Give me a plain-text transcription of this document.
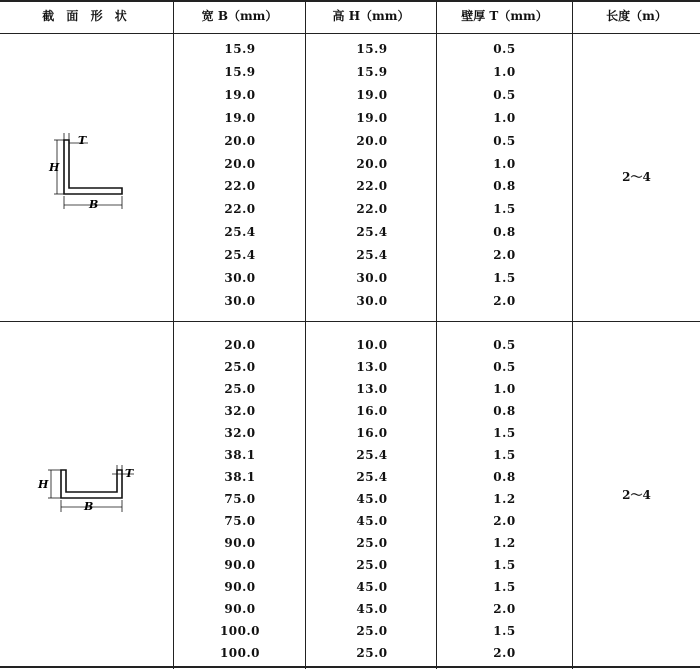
截 面 形 状	宽 B（mm）	高 H（mm）	壁厚 T（mm）	长度（m）
T
H
B
T
H
B
2～4
2～4
15.9	15.9	0.5
15.9	15.9	1.0
19.0	19.0	0.5
19.0	19.0	1.0
20.0	20.0	0.5
20.0	20.0	1.0
22.0	22.0	0.8
22.0	22.0	1.5
25.4	25.4	0.8
25.4	25.4	2.0
30.0	30.0	1.5
30.0	30.0	2.0
20.0	10.0	0.5
25.0	13.0	0.5
25.0	13.0	1.0
32.0	16.0	0.8
32.0	16.0	1.5
38.1	25.4	1.5
38.1	25.4	0.8
75.0	45.0	1.2
75.0	45.0	2.0
90.0	25.0	1.2
90.0	25.0	1.5
90.0	45.0	1.5
90.0	45.0	2.0
100.0	25.0	1.5
100.0	25.0	2.0
